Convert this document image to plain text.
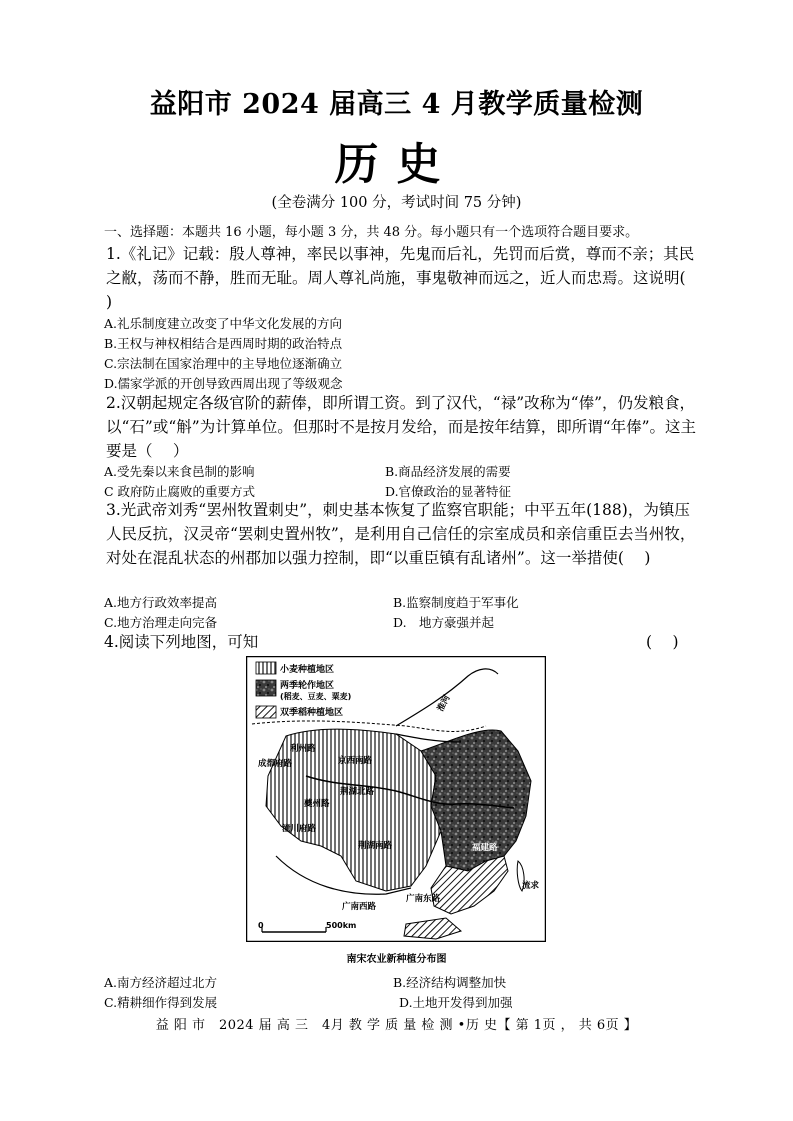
益阳市 2024 届高三 4 月教学质量检测
历史
(全卷满分 100 分，考试时间 75 分钟)
一、选择题：本题共 16 小题，每小题 3 分，共 48 分。每小题只有一个选项符合题目要求。
1.《礼记》记载：殷人尊神，率民以事神，先鬼而后礼，先罚而后赏，尊而不亲；其民之敝，荡而不静，胜而无耻。周人尊礼尚施，事鬼敬神而远之，近人而忠焉。这说明(　 )
A.礼乐制度建立改变了中华文化发展的方向
B.王权与神权相结合是西周时期的政治特点
C.宗法制在国家治理中的主导地位逐渐确立
D.儒家学派的开创导致西周出现了等级观念
2.汉朝起规定各级官阶的薪俸，即所谓工资。到了汉代，“禄”改称为“俸”，仍发粮食，以“石”或“斛”为计算单位。但那时不是按月发给，而是按年结算，即所谓“年俸”。这主要是（　 ）
A.受先秦以来食邑制的影响	B.商品经济发展的需要
C 政府防止腐败的重要方式	D.官僚政治的显著特征
3.光武帝刘秀“罢州牧置刺史”，刺史基本恢复了监察官职能；中平五年(188)，为镇压人民反抗，汉灵帝“罢刺史置州牧”，是利用自己信任的宗室成员和亲信重臣去当州牧，对处在混乱状态的州郡加以强力控制，即“以重臣镇有乱诸州”。这一举措使(　 )
A.地方行政效率提高	B.监察制度趋于军事化
C.地方治理走向完备	D.　地方豪强并起
4.阅读下列地图，可知	(　 )
小麦种植地区
两季轮作地区
(稻麦、豆麦、粟麦)
双季稻种植地区	淮河
成都府路
利州路
京西南路
夔州路
潼川府路
荆湖北路
荆湖南路	福建路
广南西路
广南东路
流求
0	500km
南宋农业新种植分布图
A.南方经济超过北方	B.经济结构调整加快
C.精耕细作得到发展	D.土地开发得到加强
益 阳 市　2024 届 高 三　4月 教 学 质 量 检 测 •历 史【 第 1页 ， 共 6页 】
